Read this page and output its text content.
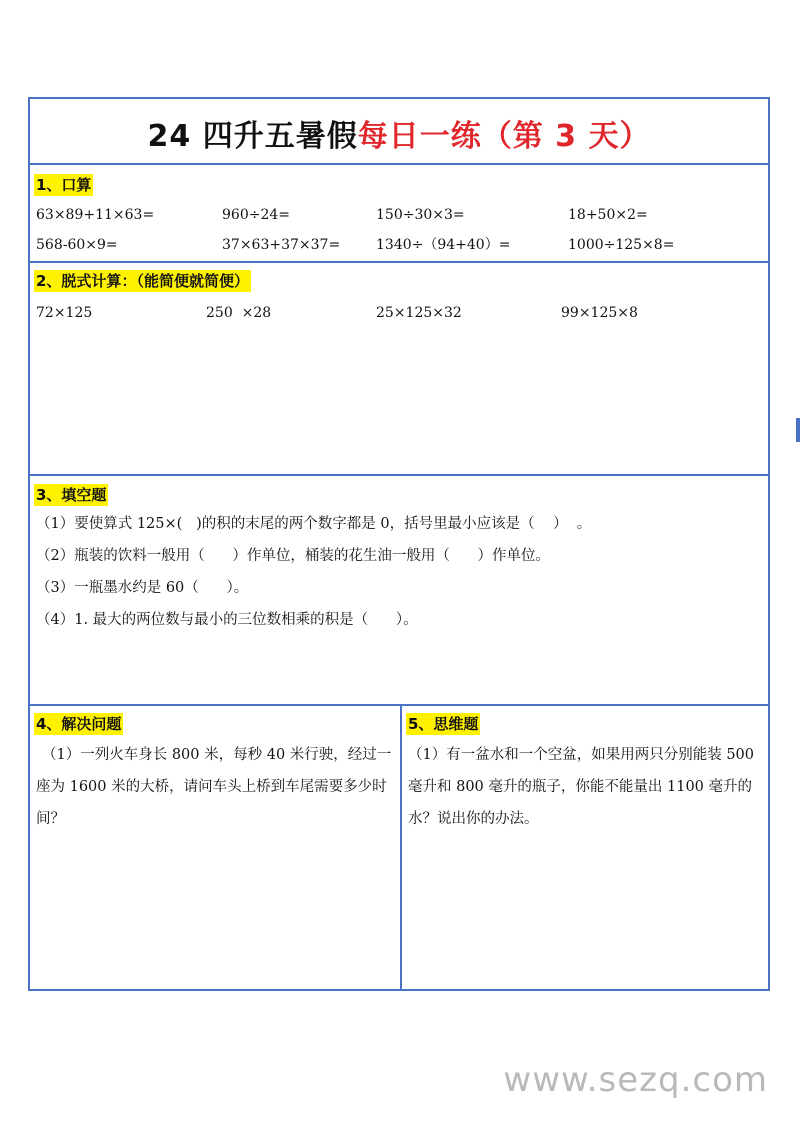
24 四升五暑假每日一练（第 3 天）
1、口算
63×89+11×63=	960÷24=	150÷30×3=	18+50×2=
568-60×9=	37×63+37×37=	1340÷（94+40）=	1000÷125×8=
2、脱式计算：（能简便就简便）
72×125	250  ×28	25×125×32	99×125×8
3、填空题
（1）要使算式 125×(   )的积的末尾的两个数字都是 0，括号里最小应该是（    ）  。
（2）瓶装的饮料一般用（      ）作单位，桶装的花生油一般用（      ）作单位。
（3）一瓶墨水约是 60（      ）。
（4）1. 最大的两位数与最小的三位数相乘的积是（      ）。
4、解决问题
（1）一列火车身长 800 米，每秒 40 米行驶，经过一座为 1600 米的大桥，请问车头上桥到车尾需要多少时间？
5、思维题
（1）有一盆水和一个空盆，如果用两只分别能装 500 毫升和 800 毫升的瓶子，你能不能量出 1100 毫升的水？说出你的办法。
www.sezq.com
